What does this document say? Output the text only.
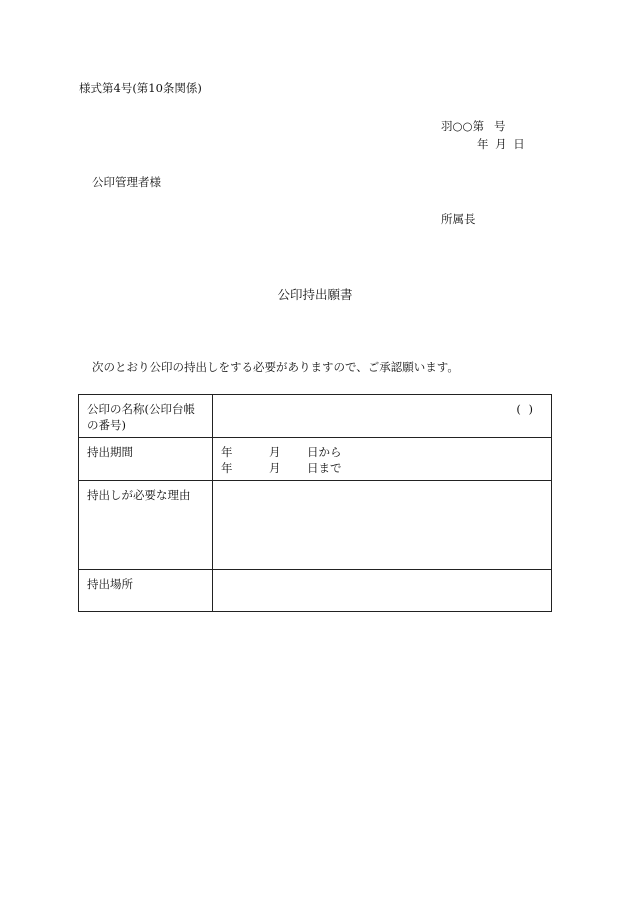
様式第4号(第10条関係)
羽○○第 号
年 月 日
公印管理者様
所属長
公印持出願書
次のとおり公印の持出しをする必要がありますので、ご承認願います。
公印の名称(公印台帳の番号)	( )

持出期間	年 月 日から
年 月 日まで

持出しが必要な理由	
持出場所	
